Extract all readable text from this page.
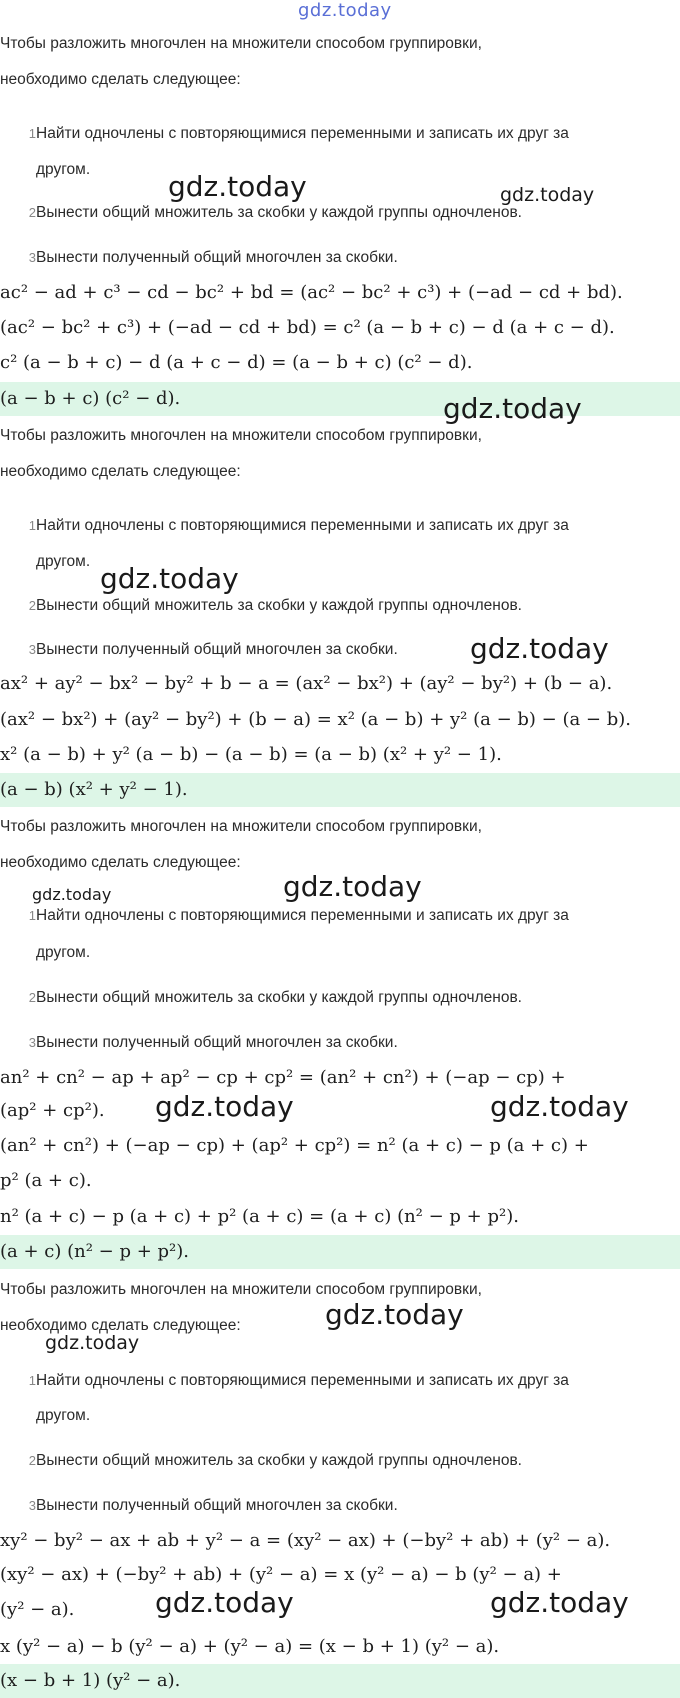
gdz.today
Чтобы разложить многочлен на множители способом группировки,
необходимо сделать следующее:
1Найти одночлены с повторяющимися переменными и записать их друг за
другом.
2Вынести общий множитель за скобки у каждой группы одночленов.
3Вынести полученный общий многочлен за скобки.
ac² − ad + c³ − cd − bc² + bd = (ac² − bc² + c³) + (−ad − cd + bd).
(ac² − bc² + c³) + (−ad − cd + bd) = c² (a − b + c) − d (a + c − d).
c² (a − b + c) − d (a + c − d) = (a − b + c) (c² − d).
(a − b + c) (c² − d).
Чтобы разложить многочлен на множители способом группировки,
необходимо сделать следующее:
1Найти одночлены с повторяющимися переменными и записать их друг за
другом.
2Вынести общий множитель за скобки у каждой группы одночленов.
3Вынести полученный общий многочлен за скобки.
ax² + ay² − bx² − by² + b − a = (ax² − bx²) + (ay² − by²) + (b − a).
(ax² − bx²) + (ay² − by²) + (b − a) = x² (a − b) + y² (a − b) − (a − b).
x² (a − b) + y² (a − b) − (a − b) = (a − b) (x² + y² − 1).
(a − b) (x² + y² − 1).
Чтобы разложить многочлен на множители способом группировки,
необходимо сделать следующее:
1Найти одночлены с повторяющимися переменными и записать их друг за
другом.
2Вынести общий множитель за скобки у каждой группы одночленов.
3Вынести полученный общий многочлен за скобки.
an² + cn² − ap + ap² − cp + cp² = (an² + cn²) + (−ap − cp) +
(ap² + cp²).
(an² + cn²) + (−ap − cp) + (ap² + cp²) = n² (a + c) − p (a + c) +
p² (a + c).
n² (a + c) − p (a + c) + p² (a + c) = (a + c) (n² − p + p²).
(a + c) (n² − p + p²).
Чтобы разложить многочлен на множители способом группировки,
необходимо сделать следующее:
1Найти одночлены с повторяющимися переменными и записать их друг за
другом.
2Вынести общий множитель за скобки у каждой группы одночленов.
3Вынести полученный общий многочлен за скобки.
xy² − by² − ax + ab + y² − a = (xy² − ax) + (−by² + ab) + (y² − a).
(xy² − ax) + (−by² + ab) + (y² − a) = x (y² − a) − b (y² − a) +
(y² − a).
x (y² − a) − b (y² − a) + (y² − a) = (x − b + 1) (y² − a).
(x − b + 1) (y² − a).
gdz.today	gdz.today
gdz.today
gdz.today
gdz.today
gdz.today	gdz.today
gdz.today	gdz.today
gdz.today
gdz.today
gdz.today	gdz.today
